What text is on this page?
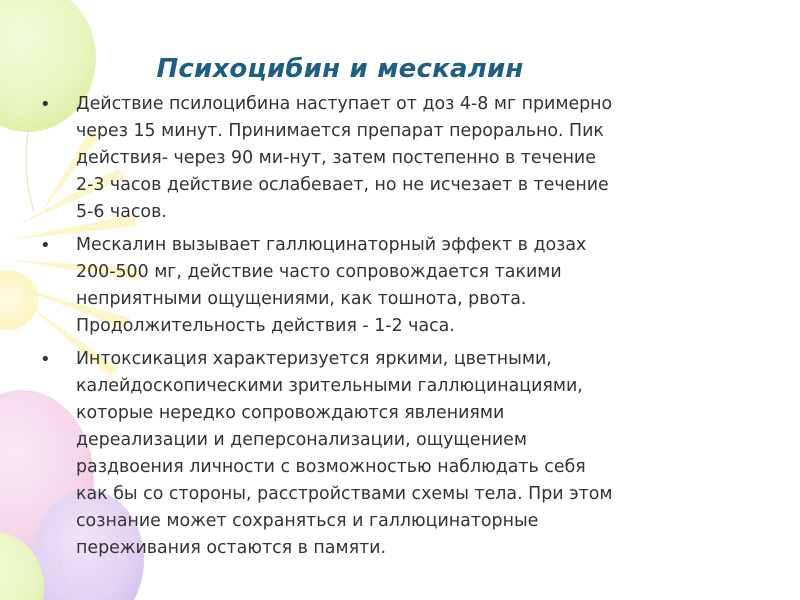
Психоцибин и мескалин
•	Действие псилоцибина наступает от доз 4-8 мг примерно
через 15 минут. Принимается препарат перорально. Пик
действия- через 90 ми-нут, затем постепенно в течение
2-3 часов действие ослабевает, но не исчезает в течение
5-6 часов.
•	Мескалин вызывает галлюцинаторный эффект в дозах
200-500 мг, действие часто сопровождается такими
неприятными ощущениями, как тошнота, рвота.
Продолжительность действия - 1-2 часа.
•	Интоксикация характеризуется яркими, цветными,
калейдоскопическими зрительными галлюцинациями,
которые нередко сопровождаются явлениями
дереализации и деперсонализации, ощущением
раздвоения личности с возможностью наблюдать себя
как бы со стороны, расстройствами схемы тела. При этом
сознание может сохраняться и галлюцинаторные
переживания остаются в памяти.
